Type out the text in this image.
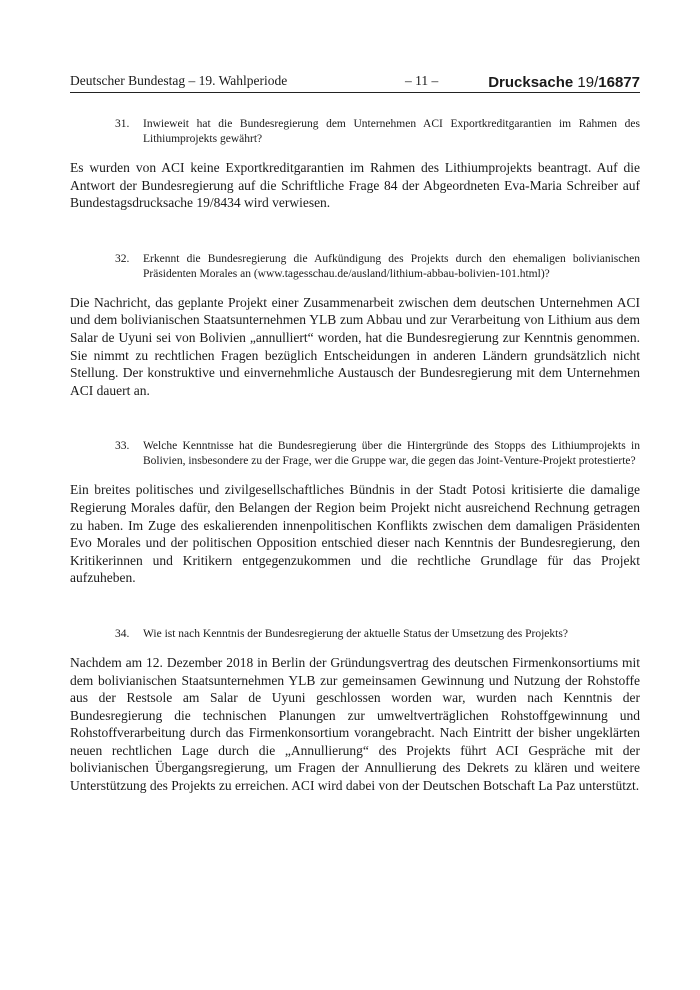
Deutscher Bundestag – 19. Wahlperiode	– 11 –	Drucksache 19/16877
31. Inwieweit hat die Bundesregierung dem Unternehmen ACI Exportkreditgarantien im Rahmen des Lithiumprojekts gewährt?
Es wurden von ACI keine Exportkreditgarantien im Rahmen des Lithiumprojekts beantragt. Auf die Antwort der Bundesregierung auf die Schriftliche Frage 84 der Abgeordneten Eva-Maria Schreiber auf Bundestagsdrucksache 19/8434 wird verwiesen.
32. Erkennt die Bundesregierung die Aufkündigung des Projekts durch den ehemaligen bolivianischen Präsidenten Morales an (www.tagesschau.de/ausland/lithium-abbau-bolivien-101.html)?
Die Nachricht, das geplante Projekt einer Zusammenarbeit zwischen dem deutschen Unternehmen ACI und dem bolivianischen Staatsunternehmen YLB zum Abbau und zur Verarbeitung von Lithium aus dem Salar de Uyuni sei von Bolivien „annulliert“ worden, hat die Bundesregierung zur Kenntnis genommen. Sie nimmt zu rechtlichen Fragen bezüglich Entscheidungen in anderen Ländern grundsätzlich nicht Stellung. Der konstruktive und einvernehmliche Austausch der Bundesregierung mit dem Unternehmen ACI dauert an.
33. Welche Kenntnisse hat die Bundesregierung über die Hintergründe des Stopps des Lithiumprojekts in Bolivien, insbesondere zu der Frage, wer die Gruppe war, die gegen das Joint-Venture-Projekt protestierte?
Ein breites politisches und zivilgesellschaftliches Bündnis in der Stadt Potosi kritisierte die damalige Regierung Morales dafür, den Belangen der Region beim Projekt nicht ausreichend Rechnung getragen zu haben. Im Zuge des eskalierenden innenpolitischen Konflikts zwischen dem damaligen Präsidenten Evo Morales und der politischen Opposition entschied dieser nach Kenntnis der Bundesregierung, den Kritikerinnen und Kritikern entgegenzukommen und die rechtliche Grundlage für das Projekt aufzuheben.
34. Wie ist nach Kenntnis der Bundesregierung der aktuelle Status der Umsetzung des Projekts?
Nachdem am 12. Dezember 2018 in Berlin der Gründungsvertrag des deutschen Firmenkonsortiums mit dem bolivianischen Staatsunternehmen YLB zur gemeinsamen Gewinnung und Nutzung der Rohstoffe aus der Restsole am Salar de Uyuni geschlossen worden war, wurden nach Kenntnis der Bundesregierung die technischen Planungen zur umweltverträglichen Rohstoffgewinnung und Rohstoffverarbeitung durch das Firmenkonsortium vorangebracht. Nach Eintritt der bisher ungeklärten neuen rechtlichen Lage durch die „Annullierung“ des Projekts führt ACI Gespräche mit der bolivianischen Übergangsregierung, um Fragen der Annullierung des Dekrets zu klären und weitere Unterstützung des Projekts zu erreichen. ACI wird dabei von der Deutschen Botschaft La Paz unterstützt.
